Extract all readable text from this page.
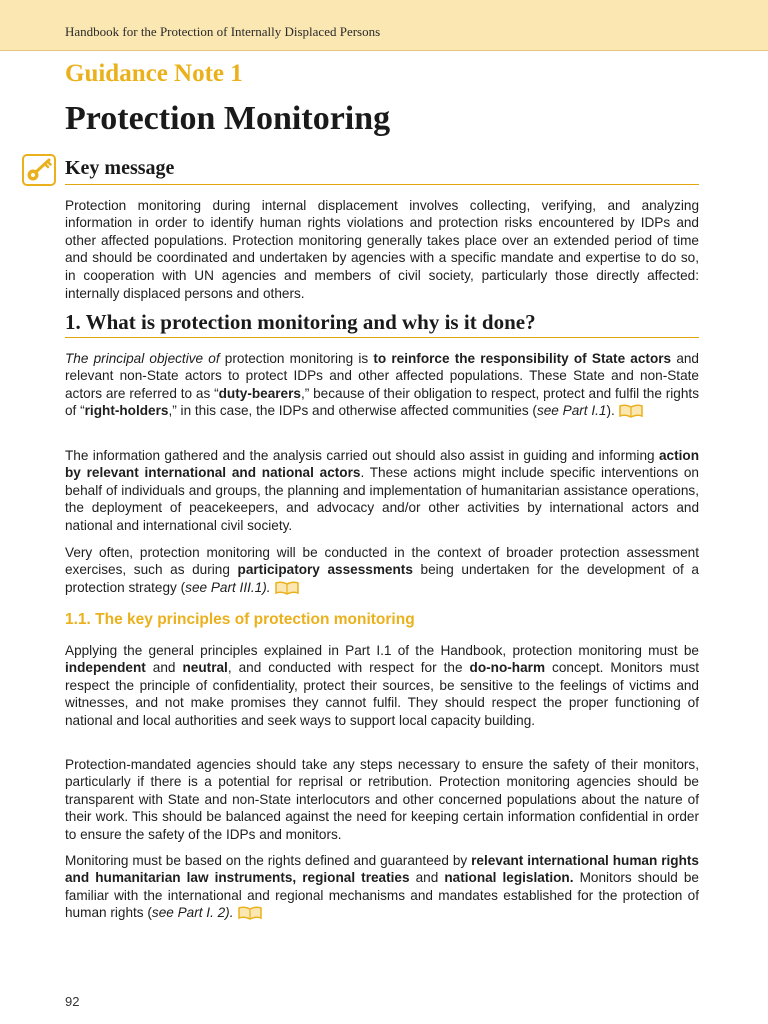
Handbook for the Protection of Internally Displaced Persons
Guidance Note 1
Protection Monitoring
Key message

Protection monitoring during internal displacement involves collecting, verifying, and analyzing information in order to identify human rights violations and protection risks encountered by IDPs and other affected populations. Protection monitoring generally takes place over an extended period of time and should be coordinated and undertaken by agencies with a specific mandate and expertise to do so, in cooperation with UN agencies and members of civil society, particularly those directly affected: internally displaced persons and others.

1. What is protection monitoring and why is it done?

The principal objective of protection monitoring is to reinforce the responsibility of State actors and relevant non-State actors to protect IDPs and other affected populations. These State and non-State actors are referred to as “duty-bearers,” because of their obligation to respect, protect and fulfil the rights of “right-holders,” in this case, the IDPs and otherwise affected communities (see Part I.1).

The information gathered and the analysis carried out should also assist in guiding and informing action by relevant international and national actors. These actions might include specific interventions on behalf of individuals and groups, the planning and implementation of humanitarian assistance operations, the deployment of peacekeepers, and advocacy and/or other activities by international actors and national and international civil society.

Very often, protection monitoring will be conducted in the context of broader protection assessment exercises, such as during participatory assessments being undertaken for the development of a protection strategy (see Part III.1).

1.1. The key principles of protection monitoring

Applying the general principles explained in Part I.1 of the Handbook, protection monitoring must be independent and neutral, and conducted with respect for the do-no-harm concept. Monitors must respect the principle of confidentiality, protect their sources, be sensitive to the feelings of victims and witnesses, and not make promises they cannot fulfil. They should respect the proper functioning of national and local authorities and seek ways to support local capacity building.

Protection-mandated agencies should take any steps necessary to ensure the safety of their monitors, particularly if there is a potential for reprisal or retribution. Protection monitoring agencies should be transparent with State and non-State interlocutors and other concerned populations about the nature of their work. This should be balanced against the need for keeping certain information confidential in order to ensure the safety of the IDPs and monitors.

Monitoring must be based on the rights defined and guaranteed by relevant international human rights and humanitarian law instruments, regional treaties and national legislation. Monitors should be familiar with the international and regional mechanisms and mandates established for the protection of human rights (see Part I. 2).

92
